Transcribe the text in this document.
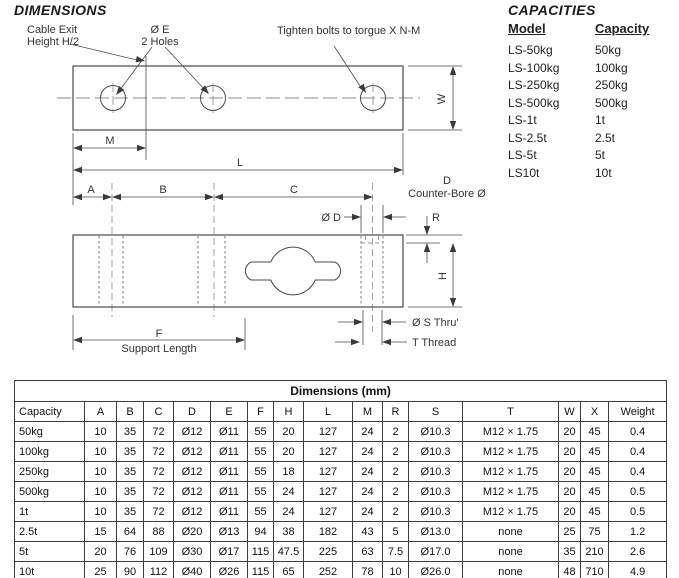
DIMENSIONS	CAPACITIES
Model	Capacity
LS-50kg	50kg
LS-100kg	100kg
LS-250kg	250kg
LS-500kg	500kg
LS-1t	1t
LS-2.5t	2.5t
LS-5t	5t
LS10t	10t
Cable Exit
Height H/2
Ø E
2 Holes
Tighten bolts to torgue X N-M
W
M
L
A	B	C
Ø D
D
Counter-Bore Ø
R
H
F
Support Length
Ø S Thru'
T Thread
Dimensions (mm)															
Capacity	A	B	C	D	E	F	H	L	M	R	S	T	W	X	Weight
50kg	10	35	72	Ø12	Ø11	55	20	127	24	2	Ø10.3	M12 × 1.75	20	45	0.4
100kg	10	35	72	Ø12	Ø11	55	20	127	24	2	Ø10.3	M12 × 1.75	20	45	0.4
250kg	10	35	72	Ø12	Ø11	55	18	127	24	2	Ø10.3	M12 × 1.75	20	45	0.4
500kg	10	35	72	Ø12	Ø11	55	24	127	24	2	Ø10.3	M12 × 1.75	20	45	0.5
1t	10	35	72	Ø12	Ø11	55	24	127	24	2	Ø10.3	M12 × 1.75	20	45	0.5
2.5t	15	64	88	Ø20	Ø13	94	38	182	43	5	Ø13.0	none	25	75	1.2
5t	20	76	109	Ø30	Ø17	115	47.5	225	63	7.5	Ø17.0	none	35	210	2.6
10t	25	90	112	Ø40	Ø26	115	65	252	78	10	Ø26.0	none	48	710	4.9
